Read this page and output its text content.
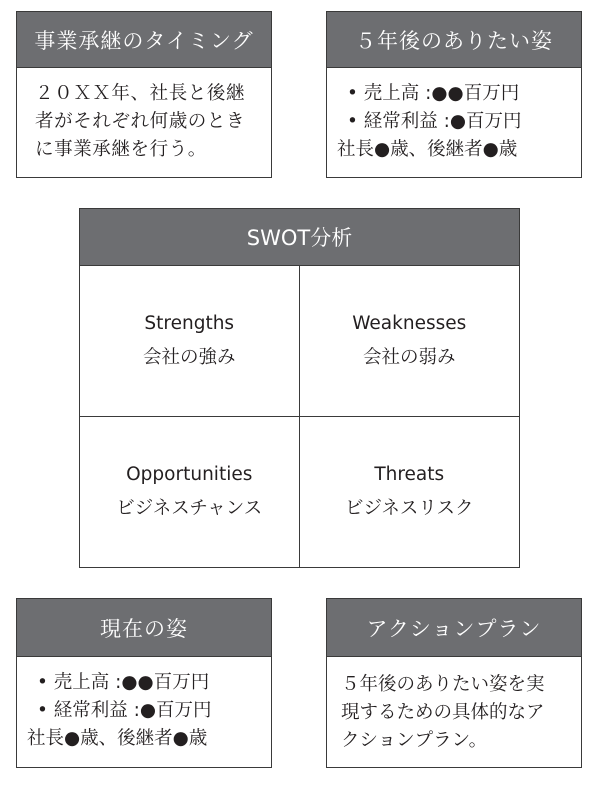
事業承継のタイミング
２０ＸＸ年、社長と後継
者がそれぞれ何歳のとき
に事業承継を行う。
５年後のありたい姿
• 売上高 :●●百万円
• 経常利益 :●百万円
社長●歳、後継者●歳
SWOT分析
Strengths
会社の強み
Weaknesses
会社の弱み
Opportunities
ビジネスチャンス
Threats
ビジネスリスク
現在の姿
• 売上高 :●●百万円
• 経常利益 :●百万円
社長●歳、後継者●歳
アクションプラン
５年後のありたい姿を実
現するための具体的なア
クションプラン。
